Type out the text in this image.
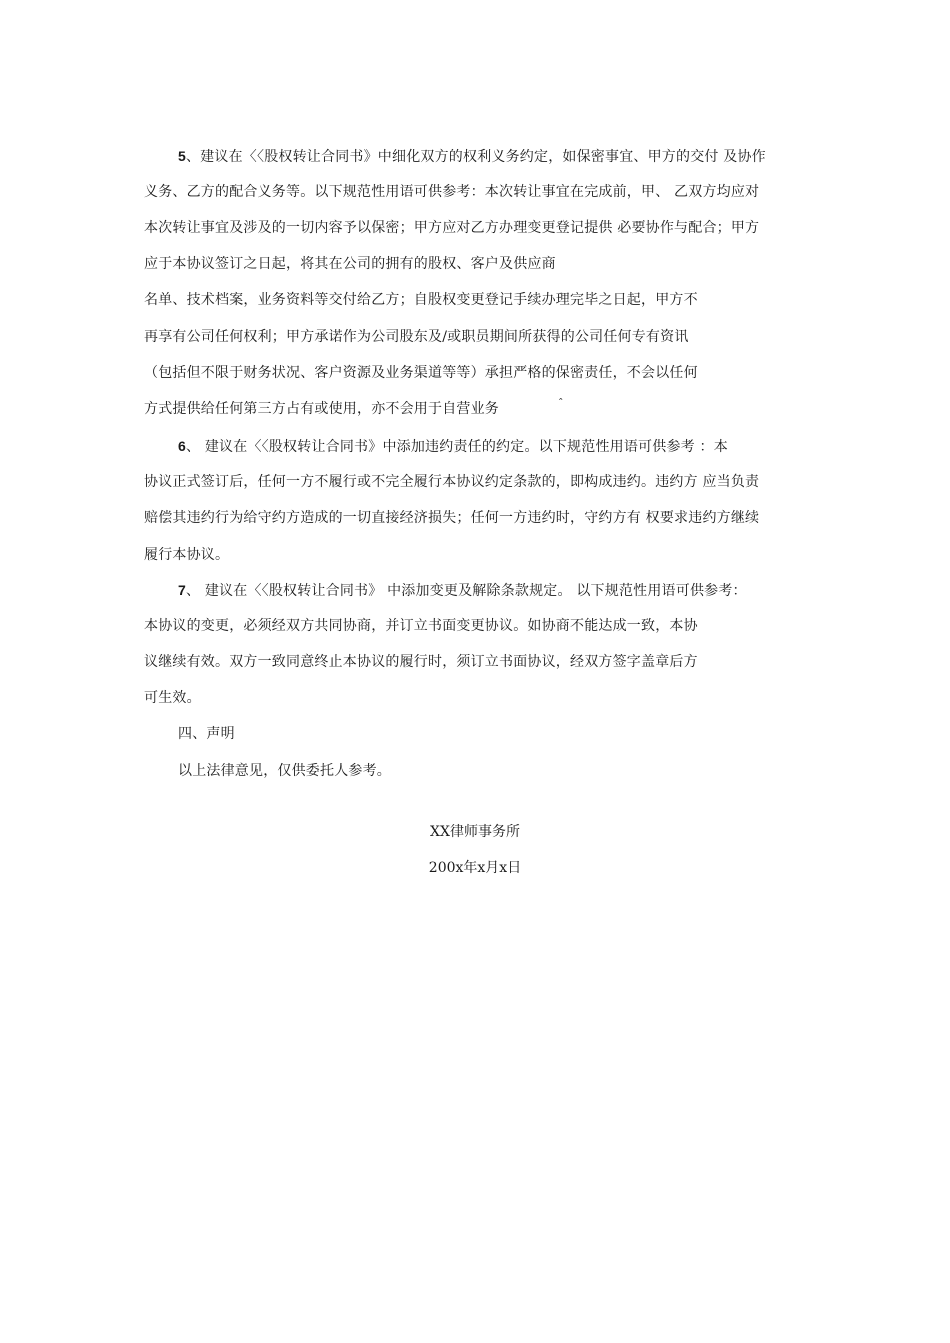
5、建议在〈〈股权转让合同书》中细化双方的权利义务约定，如保密事宜、甲方的交付 及协作
义务、乙方的配合义务等。以下规范性用语可供参考：本次转让事宜在完成前，甲、 乙双方均应对
本次转让事宜及涉及的一切内容予以保密；甲方应对乙方办理变更登记提供 必要协作与配合；甲方
应于本协议签订之日起，将其在公司的拥有的股权、客户及供应商
名单、技术档案，业务资料等交付给乙方；自股权变更登记手续办理完毕之日起，甲方不
再享有公司任何权利；甲方承诺作为公司股东及/或职员期间所获得的公司任何专有资讯
（包括但不限于财务状况、客户资源及业务渠道等等）承担严格的保密责任，不会以任何
方式提供给任何第三方占有或使用，亦不会用于自营业务	ˆ
6、 建议在〈〈股权转让合同书》中添加违约责任的约定。以下规范性用语可供参考 ：本
协议正式签订后，任何一方不履行或不完全履行本协议约定条款的，即构成违约。违约方 应当负责
赔偿其违约行为给守约方造成的一切直接经济损失；任何一方违约时，守约方有 权要求违约方继续
履行本协议。
7、 建议在〈〈股权转让合同书》 中添加变更及解除条款规定。 以下规范性用语可供参考：
本协议的变更，必须经双方共同协商，并订立书面变更协议。如协商不能达成一致，本协
议继续有效。双方一致同意终止本协议的履行时，须订立书面协议，经双方签字盖章后方
可生效。
四、声明
以上法律意见，仅供委托人参考。
XX律师事务所
200x年x月x日
